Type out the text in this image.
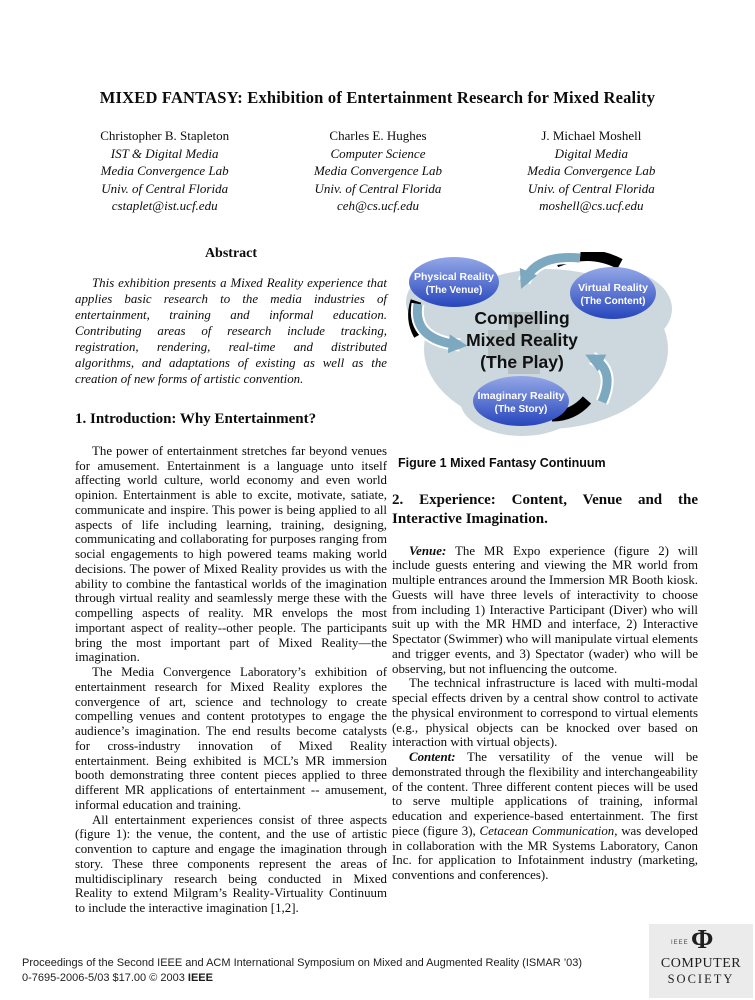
MIXED FANTASY: Exhibition of Entertainment Research for Mixed Reality
Christopher B. Stapleton
IST & Digital Media
Media Convergence Lab
Univ. of Central Florida
cstaplet@ist.ucf.edu
Charles E. Hughes
Computer Science
Media Convergence Lab
Univ. of Central Florida
ceh@cs.ucf.edu
J. Michael Moshell
Digital Media
Media Convergence Lab
Univ. of Central Florida
moshell@cs.ucf.edu
Abstract

This exhibition presents a Mixed Reality experience that applies basic research to the media industries of entertainment, training and informal education. Contributing areas of research include tracking, registration, rendering, real-time and distributed algorithms, and adaptations of existing as well as the creation of new forms of artistic convention.

1. Introduction: Why Entertainment?

The power of entertainment stretches far beyond venues for amusement. Entertainment is a language unto itself affecting world culture, world economy and even world opinion. Entertainment is able to excite, motivate, satiate, communicate and inspire. This power is being applied to all aspects of life including learning, training, designing, communicating and collaborating for purposes ranging from social engagements to high powered teams making world decisions. The power of Mixed Reality provides us with the ability to combine the fantastical worlds of the imagination through virtual reality and seamlessly merge these with the compelling aspects of reality. MR envelops the most important aspect of reality--other people. The participants bring the most important part of Mixed Reality—the imagination.

The Media Convergence Laboratory’s exhibition of entertainment research for Mixed Reality explores the convergence of art, science and technology to create compelling venues and content prototypes to engage the audience’s imagination. The end results become catalysts for cross-industry innovation of Mixed Reality entertainment. Being exhibited is MCL’s MR immersion booth demonstrating three content pieces applied to three different MR applications of entertainment -- amusement, informal education and training.

All entertainment experiences consist of three aspects (figure 1): the venue, the content, and the use of artistic convention to capture and engage the imagination through story. These three components represent the areas of multidisciplinary research being conducted in Mixed Reality to extend Milgram’s Reality-Virtuality Continuum to include the interactive imagination [1,2].

Physical Reality
(The Venue)	Virtual Reality
(The Content)
Imaginary Reality
(The Story)
Compelling
Mixed Reality
(The Play)
Figure 1 Mixed Fantasy Continuum
2. Experience: Content, Venue and the Interactive Imagination.

Venue: The MR Expo experience (figure 2) will include guests entering and viewing the MR world from multiple entrances around the Immersion MR Booth kiosk. Guests will have three levels of interactivity to choose from including 1) Interactive Participant (Diver) who will suit up with the MR HMD and interface, 2) Interactive Spectator (Swimmer) who will manipulate virtual elements and trigger events, and 3) Spectator (wader) who will be observing, but not influencing the outcome.

The technical infrastructure is laced with multi-modal special effects driven by a central show control to activate the physical environment to correspond to virtual elements (e.g., physical objects can be knocked over based on interaction with virtual objects).

Content: The versatility of the venue will be demonstrated through the flexibility and interchangeability of the content. Three different content pieces will be used to serve multiple applications of training, informal education and experience-based entertainment. The first piece (figure 3), Cetacean Communication, was developed in collaboration with the MR Systems Laboratory, Canon Inc. for application to Infotainment industry (marketing, conventions and conferences).

Proceedings of the Second IEEE and ACM International Symposium on Mixed and Augmented Reality (ISMAR ’03)
0-7695-2006-5/03 $17.00 © 2003 IEEE
IEEE Φ
COMPUTER
SOCIETY
